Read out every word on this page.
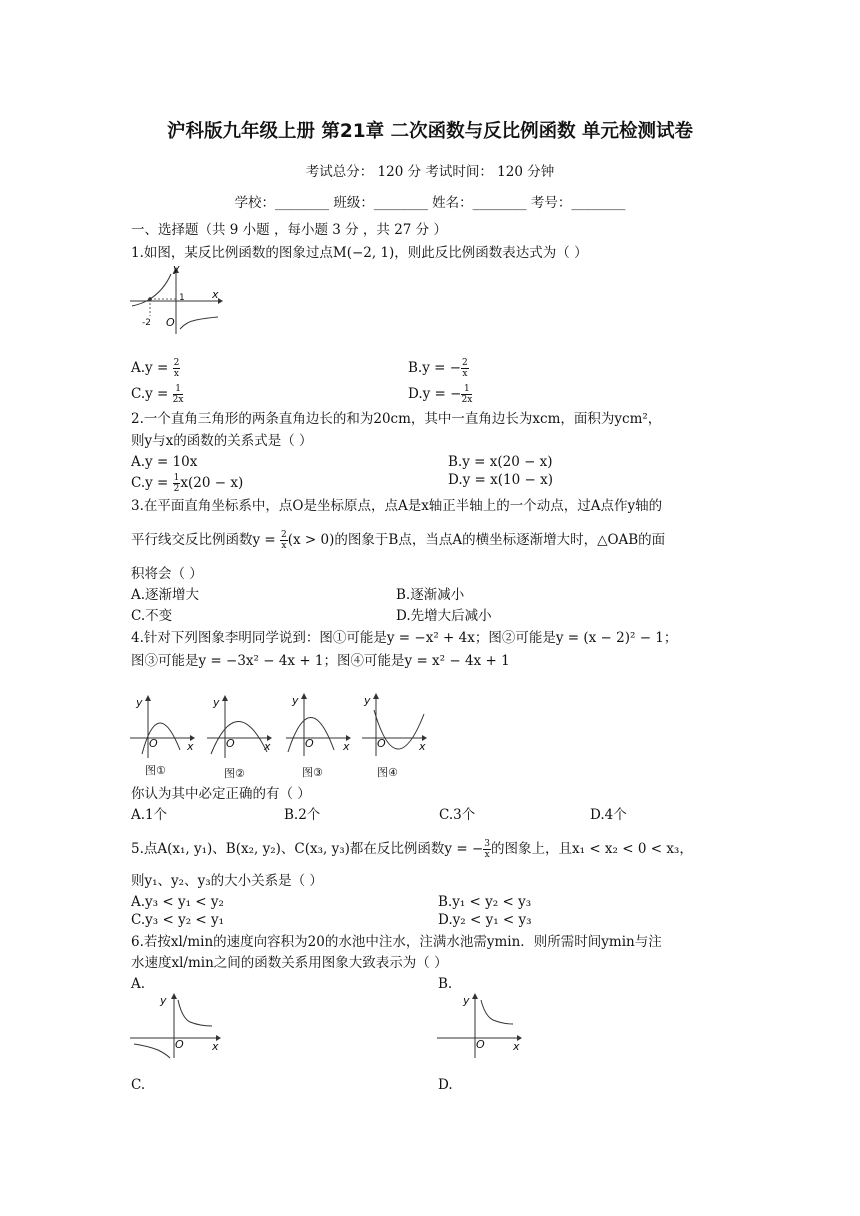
沪科版九年级上册 第21章 二次函数与反比例函数 单元检测试卷
考试总分： 120 分 考试时间： 120 分钟
学校：________ 班级：________ 姓名：________ 考号：________
一、选择题（共 9 小题 ，每小题 3 分 ，共 27 分 ）
1.如图，某反比例函数的图象过点M(−2, 1)，则此反比例函数表达式为（ ）
y
x
O
1
-2
$A.y = \frac{2}{x}$	B.y = − $\frac{2}{x}$
$C.y = \frac{1}{2x}$	D.y = − $\frac{1}{2x}$
2.一个直角三角形的两条直角边长的和为20cm，其中一直角边长为xcm，面积为ycm²，
则y与x的函数的关系式是（ ）
A.y = 10x	B.y = x(20 − x)
$C.y = \frac{1}{2} x(20 - x)$	D.y = x(10 − x)
3.在平面直角坐标系中，点O是坐标原点，点A是x轴正半轴上的一个动点，过A点作y轴的
平行线交反比例函数$y = \frac{2}{x} (x > 0)$的图象于B点，当点A的横坐标逐渐增大时，△OAB的面
积将会（ ）
A.逐渐增大	B.逐渐减小
C.不变	D.先增大后减小
4.针对下列图象李明同学说到：图①可能是y = −x² + 4x；图②可能是y = (x − 2)² − 1；
图③可能是y = −3x² − 4x + 1；图④可能是y = x² − 4x + 1
y
x
O
图①
y
x
O
图②
y
x
O
图③
y
x
O
图④
你认为其中必定正确的有（ ）
A.1个	B.2个	C.3个	D.4个
5.点A(x₁, y₁)、B(x₂, y₂)、C(x₃, y₃)都在反比例函数y = − $\frac{3}{x}$ 的图象上，且x₁ < x₂ < 0 < x₃，
则y₁、y₂、y₃的大小关系是（ ）
A.y₃ < y₁ < y₂	B.y₁ < y₂ < y₃
C.y₃ < y₂ < y₁	D.y₂ < y₁ < y₃
6.若按xl/min的速度向容积为20的水池中注水，注满水池需ymin．则所需时间ymin与注
水速度xl/min之间的函数关系用图象大致表示为（ ）
A.	B.
y
x
O
y
x
O
C.	D.
